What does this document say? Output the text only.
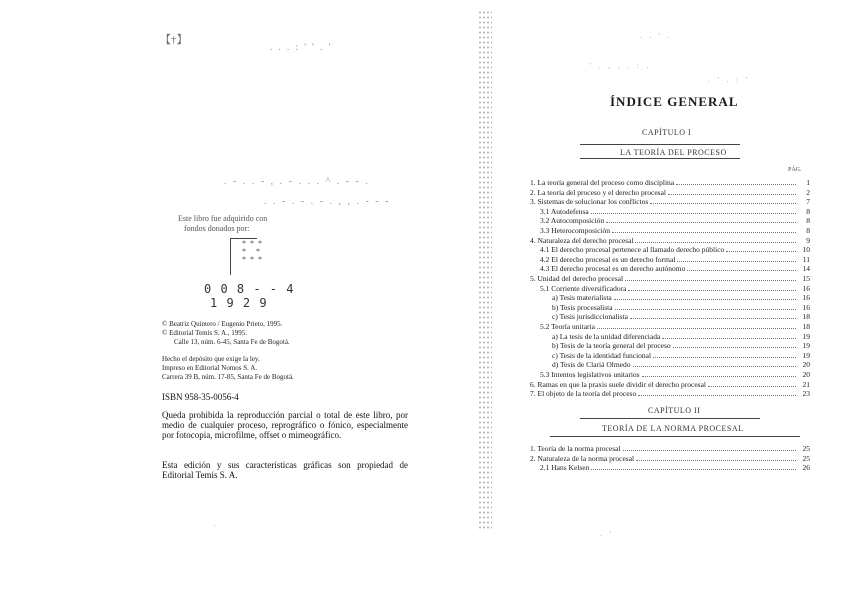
. . ' .
' . , . . : .
. ' . : '
. '
.
【†】
. . . : ' ' . '
. - . . - , . - . . . ^ . - - .
. . - . - . - . , , . - - -
Este libro fue adquirido con
fondos donados por:
* * *
*   *
* * *
0 0 8 - - 4
1 9 2 9
© Beatriz Quintero / Eugenio Prieto, 1995.
© Editorial Temis S. A., 1995.
Calle 13, núm. 6-45, Santa Fe de Bogotá.
Hecho el depósito que exige la ley.
Impreso en Editorial Nomos S. A.
Carrera 39 B, núm. 17-85, Santa Fe de Bogotá.
ISBN 958-35-0056-4
Queda prohibida la reproducción parcial o total de este libro, por medio de cualquier proceso, reprográfico o fónico, especialmente por fotocopia, microfilme, offset o mimeográfico.
Esta edición y sus características gráficas son propiedad de Editorial Temis S. A.
ÍNDICE GENERAL
CAPÍTULO I
LA TEORÍA DEL PROCESO
PÁG.
1. La teoría general del proceso como disciplina	1
2. La teoría del proceso y el derecho procesal	2
3. Sistemas de solucionar los conflictos	7
3.1 Autodefensa	8
3.2 Autocomposición	8
3.3 Heterocomposición	8
4. Naturaleza del derecho procesal	9
4.1 El derecho procesal pertenece al llamado derecho público	10
4.2 El derecho procesal es un derecho formal	11
4.3 El derecho procesal es un derecho autónomo	14
5. Unidad del derecho procesal	15
5.1 Corriente diversificadora	16
a) Tesis materialista	16
b) Tesis procesalista	16
c) Tesis jurisdiccionalista	18
5.2 Teoría unitaria	18
a) La tesis de la unidad diferenciada	19
b) Tesis de la teoría general del proceso	19
c) Tesis de la identidad funcional	19
d) Tesis de Clariá Olmedo	20
5.3 Intentos legislativos unitarios	20
6. Ramas en que la praxis suele dividir el derecho procesal	21
7. El objeto de la teoría del proceso	23
CAPÍTULO II
TEORÍA DE LA NORMA PROCESAL
1. Teoría de la norma procesal	25
2. Naturaleza de la norma procesal	25
2.1 Hans Kelsen	26
